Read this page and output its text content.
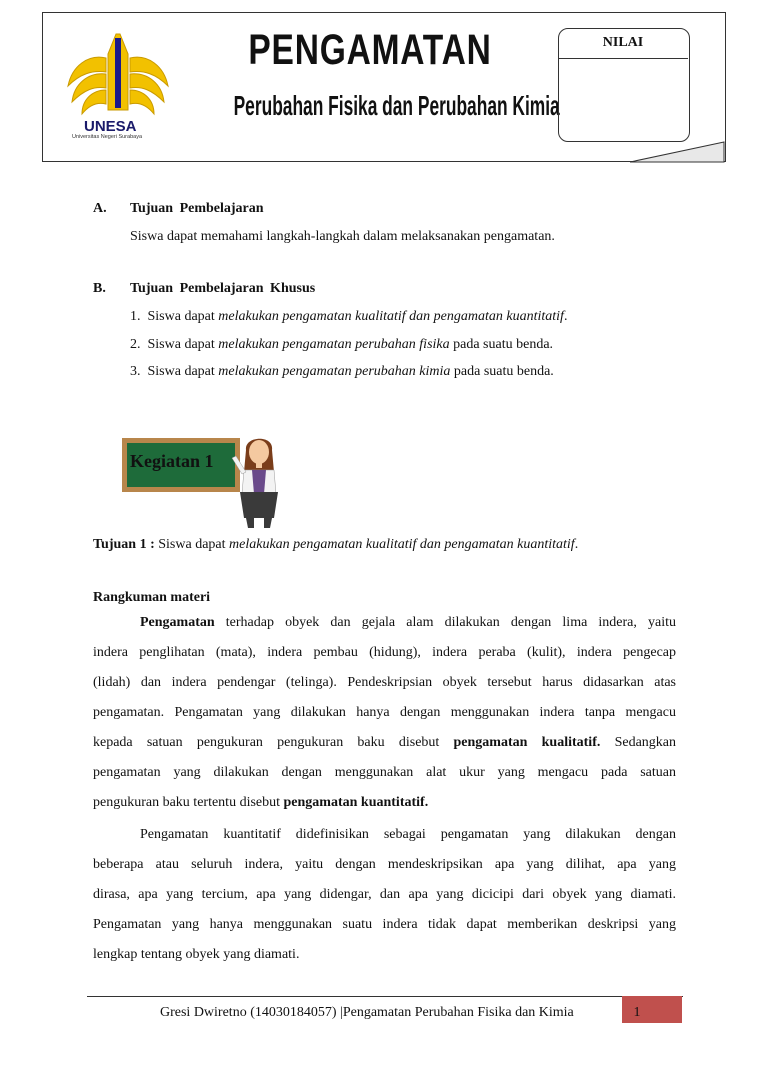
UNESA
Universitas Negeri Surabaya
PENGAMATAN
Perubahan Fisika dan Perubahan Kimia
NILAI
A. Tujuan Pembelajaran
Siswa dapat memahami langkah-langkah dalam melaksanakan pengamatan.
B. Tujuan Pembelajaran Khusus
1. Siswa dapat melakukan pengamatan kualitatif dan pengamatan kuantitatif.
2. Siswa dapat melakukan pengamatan perubahan fisika pada suatu benda.
3. Siswa dapat melakukan pengamatan perubahan kimia pada suatu benda.
Kegiatan 1
Tujuan 1 : Siswa dapat melakukan pengamatan kualitatif dan pengamatan kuantitatif.
Rangkuman materi
Pengamatan terhadap obyek dan gejala alam dilakukan dengan lima indera, yaitu
indera penglihatan (mata), indera pembau (hidung), indera peraba (kulit), indera pengecap
(lidah) dan indera pendengar (telinga). Pendeskripsian obyek tersebut harus didasarkan atas
pengamatan. Pengamatan yang dilakukan hanya dengan menggunakan indera tanpa mengacu
kepada satuan pengukuran pengukuran baku disebut pengamatan kualitatif. Sedangkan
pengamatan yang dilakukan dengan menggunakan alat ukur yang mengacu pada satuan
pengukuran baku tertentu disebut pengamatan kuantitatif.
Pengamatan kuantitatif didefinisikan sebagai pengamatan yang dilakukan dengan
beberapa atau seluruh indera, yaitu dengan mendeskripsikan apa yang dilihat, apa yang
dirasa, apa yang tercium, apa yang didengar, dan apa yang dicicipi dari obyek yang diamati.
Pengamatan yang hanya menggunakan suatu indera tidak dapat memberikan deskripsi yang
lengkap tentang obyek yang diamati.
Gresi Dwiretno (14030184057) |Pengamatan Perubahan Fisika dan Kimia	1
